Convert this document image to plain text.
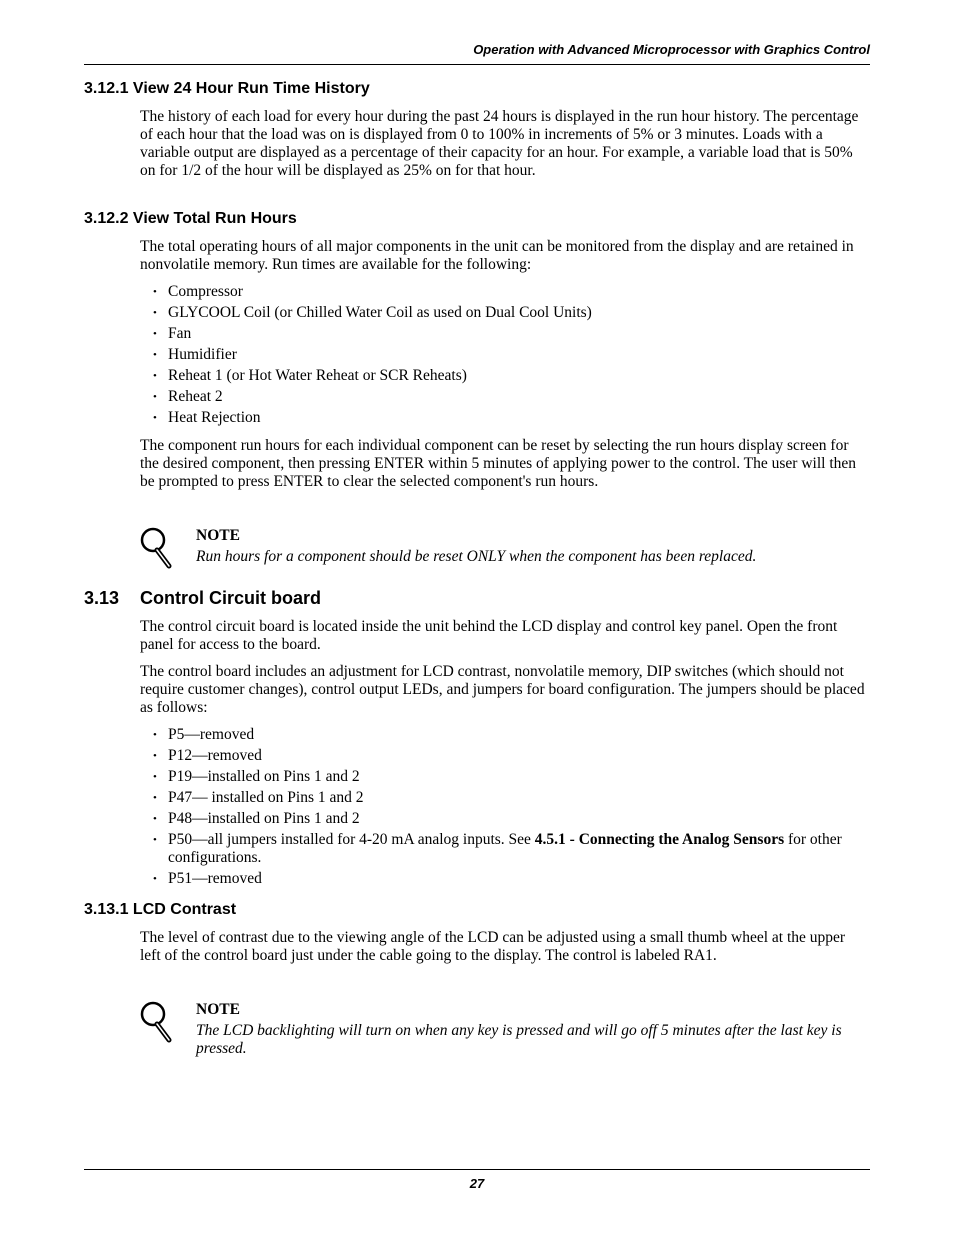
Operation with Advanced Microprocessor with Graphics Control
3.12.1 View 24 Hour Run Time History

The history of each load for every hour during the past 24 hours is displayed in the run hour history. The percentage of each hour that the load was on is displayed from 0 to 100% in increments of 5% or 3 minutes. Loads with a variable output are displayed as a percentage of their capacity for an hour. For example, a variable load that is 50% on for 1/2 of the hour will be displayed as 25% on for that hour.

3.12.2 View Total Run Hours

The total operating hours of all major components in the unit can be monitored from the display and are retained in nonvolatile memory. Run times are available for the following:

• Compressor
• GLYCOOL Coil (or Chilled Water Coil as used on Dual Cool Units)
• Fan
• Humidifier
• Reheat 1 (or Hot Water Reheat or SCR Reheats)
• Reheat 2
• Heat Rejection

The component run hours for each individual component can be reset by selecting the run hours display screen for the desired component, then pressing ENTER within 5 minutes of applying power to the control. The user will then be prompted to press ENTER to clear the selected component's run hours.

NOTE

Run hours for a component should be reset ONLY when the component has been replaced.

3.13 Control Circuit board

The control circuit board is located inside the unit behind the LCD display and control key panel. Open the front panel for access to the board.

The control board includes an adjustment for LCD contrast, nonvolatile memory, DIP switches (which should not require customer changes), control output LEDs, and jumpers for board configuration. The jumpers should be placed as follows:

• P5—removed
• P12—removed
• P19—installed on Pins 1 and 2
• P47— installed on Pins 1 and 2
• P48—installed on Pins 1 and 2
• P50—all jumpers installed for 4-20 mA analog inputs. See 4.5.1 - Connecting the Analog Sensors for other configurations.
• P51—removed
3.13.1 LCD Contrast

The level of contrast due to the viewing angle of the LCD can be adjusted using a small thumb wheel at the upper left of the control board just under the cable going to the display. The control is labeled RA1.

NOTE

The LCD backlighting will turn on when any key is pressed and will go off 5 minutes after the last key is pressed.

27
